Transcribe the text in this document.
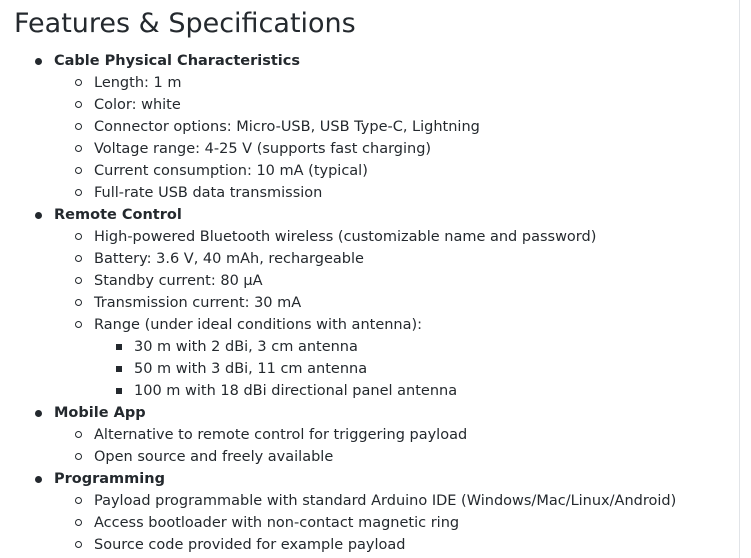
Features & Specifications
Cable Physical Characteristics
Length: 1 m
Color: white
Connector options: Micro-USB, USB Type-C, Lightning
Voltage range: 4-25 V (supports fast charging)
Current consumption: 10 mA (typical)
Full-rate USB data transmission
Remote Control
High-powered Bluetooth wireless (customizable name and password)
Battery: 3.6 V, 40 mAh, rechargeable
Standby current: 80 µA
Transmission current: 30 mA
Range (under ideal conditions with antenna):
30 m with 2 dBi, 3 cm antenna
50 m with 3 dBi, 11 cm antenna
100 m with 18 dBi directional panel antenna
Mobile App
Alternative to remote control for triggering payload
Open source and freely available
Programming
Payload programmable with standard Arduino IDE (Windows/Mac/Linux/Android)
Access bootloader with non-contact magnetic ring
Source code provided for example payload
